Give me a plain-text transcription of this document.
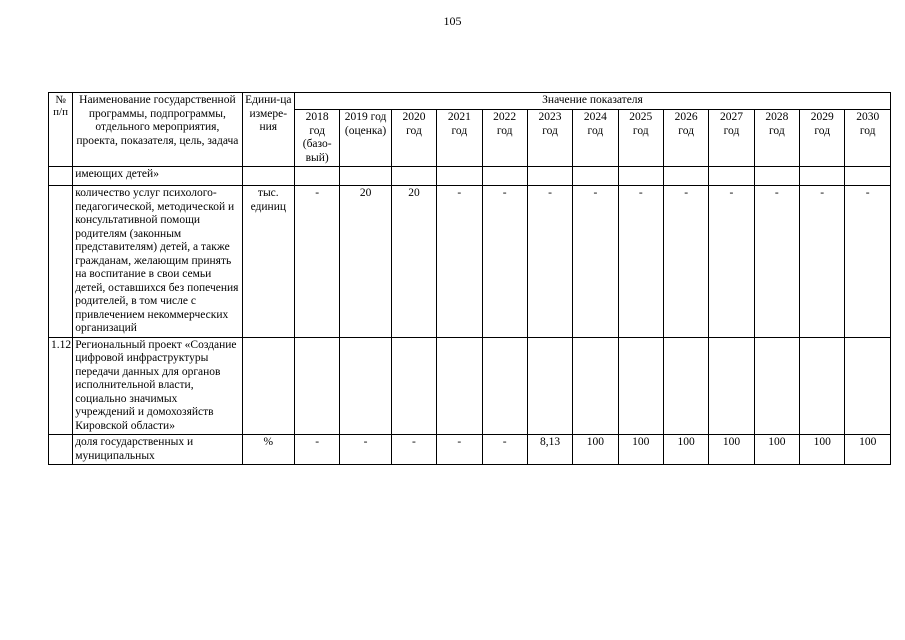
105
№ п/п	Наименование государственной программы, подпрограммы, отдельного мероприятия, проекта, показателя, цель, задача	Едини-ца измере-ния	Значение показателя												
			2018 год (базо-вый)	2019 год (оценка)	2020 год	2021 год	2022 год	2023 год	2024 год	2025 год	2026 год	2027 год	2028 год	2029 год	2030 год
	имеющих детей»														
	количество услуг психолого-педагогической, методической и консультативной помощи родителям (законным представителям) детей, а также гражданам, желающим принять на воспитание в свои семьи детей, оставшихся без попечения родителей, в том числе с привлечением некоммерческих организаций	тыс. единиц	-	20	20	-	-	-	-	-	-	-	-	-	-
1.12	Региональный проект «Создание цифровой инфраструктуры передачи данных для органов исполнительной власти, социально значимых учреждений и домохозяйств Кировской области»														
	доля государственных и муниципальных	%	-	-	-	-	-	8,13	100	100	100	100	100	100	100
